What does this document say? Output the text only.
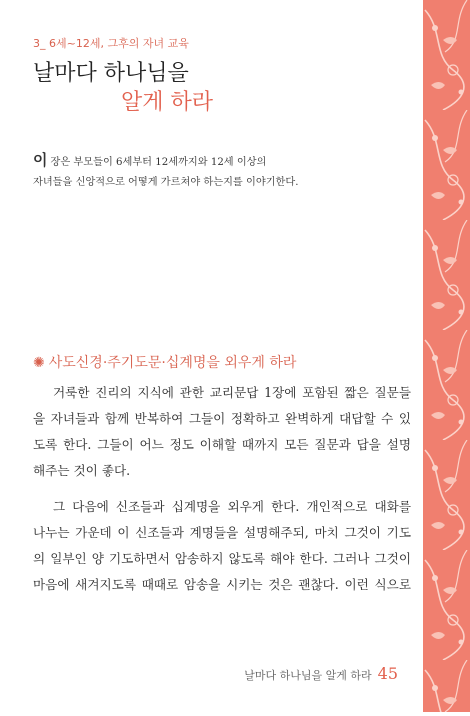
3_ 6세~12세, 그후의 자녀 교육
날마다 하나님을
알게 하라
이 장은 부모들이 6세부터 12세까지와 12세 이상의
자녀들을 신앙적으로 어떻게 가르쳐야 하는지를 이야기한다.
✺ 사도신경·주기도문·십계명을 외우게 하라
거룩한 진리의 지식에 관한 교리문답 1장에 포함된 짧은 질문들
을 자녀들과 함께 반복하여 그들이 정확하고 완벽하게 대답할 수 있
도록 한다. 그들이 어느 정도 이해할 때까지 모든 질문과 답을 설명
해주는 것이 좋다.
그 다음에 신조들과 십계명을 외우게 한다. 개인적으로 대화를
나누는 가운데 이 신조들과 계명들을 설명해주되, 마치 그것이 기도
의 일부인 양 기도하면서 암송하지 않도록 해야 한다. 그러나 그것이
마음에 새겨지도록 때때로 암송을 시키는 것은 괜찮다. 이런 식으로
날마다 하나님을 알게 하라 45
